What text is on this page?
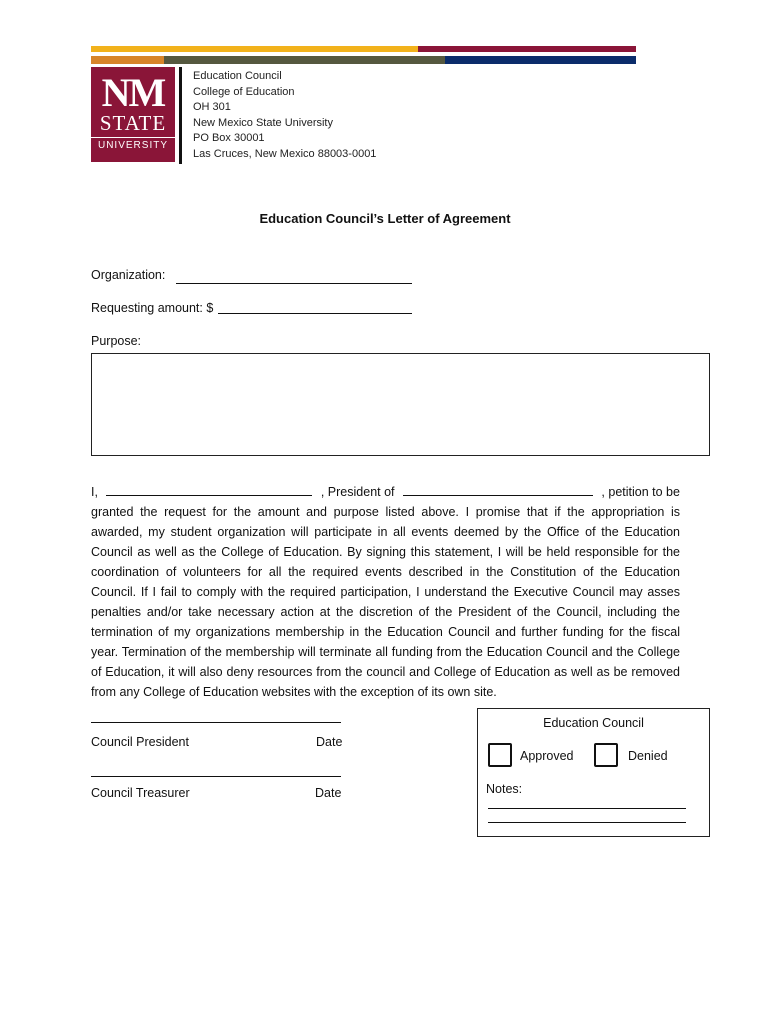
NM
STATE
UNIVERSITY
Education Council
College of Education
OH 301
New Mexico State University
PO Box 30001
Las Cruces, New Mexico 88003-0001
Education Council’s Letter of Agreement
Organization:
Requesting amount: $
Purpose:
I,	, President of	, petition to be
granted the request for the amount and purpose listed above. I promise that if the appropriation is awarded, my student organization will participate in all events deemed by the Office of the Education Council as well as the College of Education. By signing this statement, I will be held responsible for the coordination of volunteers for all the required events described in the Constitution of the Education Council. If I fail to comply with the required participation, I understand the Executive Council may asses penalties and/or take necessary action at the discretion of the President of the Council, including the termination of my organizations membership in the Education Council and further funding for the fiscal year. Termination of the membership will terminate all funding from the Education Council and the College of Education, it will also deny resources from the council and College of Education as well as be removed from any College of Education websites with the exception of its own site.
Council President	Date
Council Treasurer	Date
Education Council
Approved	Denied
Notes:
